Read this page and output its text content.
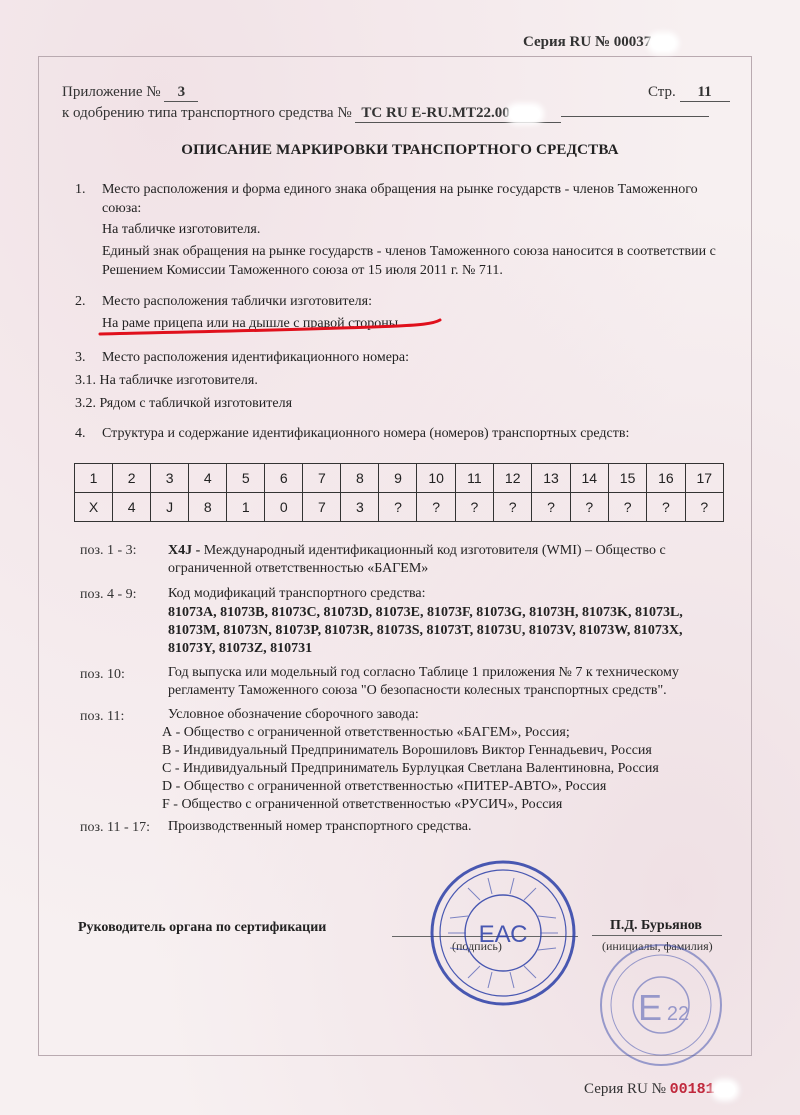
Серия RU № 00037
Приложение № 3	Стр. 11
к одобрению типа транспортного средства № ТС RU E-RU.MT22.00
ОПИСАНИЕ МАРКИРОВКИ ТРАНСПОРТНОГО СРЕДСТВА
1. Место расположения и форма единого знака обращения на рынке государств - членов Таможенного союза:
На табличке изготовителя.
Единый знак обращения на рынке государств - членов Таможенного союза наносится в соответствии с Решением Комиссии Таможенного союза от 15 июля 2011 г. № 711.
2. Место расположения таблички изготовителя:
На раме прицепа или на дышле с правой стороны
3. Место расположения идентификационного номера:
3.1. На табличке изготовителя.
3.2. Рядом с табличкой изготовителя
4. Структура и содержание идентификационного номера (номеров) транспортных средств:
1	2	3	4	5	6	7	8	9	10	11	12	13	14	15	16	17
X	4	J	8	1	0	7	3	?	?	?	?	?	?	?	?	?
поз. 1 - 3: X4J - Международный идентификационный код изготовителя (WMI) – Общество с ограниченной ответственностью «БАГЕМ»
поз. 4 - 9: Код модификаций транспортного средства:
81073А, 81073В, 81073С, 81073D, 81073E, 81073F, 81073G, 81073H, 81073K, 81073L, 81073M, 81073N, 81073P, 81073R, 81073S, 81073T, 81073U, 81073V, 81073W, 81073X, 81073Y, 81073Z, 810731
поз. 10:	Год выпуска или модельный год согласно Таблице 1 приложения № 7 к техническому регламенту Таможенного союза "О безопасности колесных транспортных средств".
поз. 11:	Условное обозначение сборочного завода:
А - Общество с ограниченной ответственностью «БАГЕМ», Россия;
В - Индивидуальный Предприниматель Ворошиловъ Виктор Геннадьевич, Россия
С - Индивидуальный Предприниматель Бурлуцкая Светлана Валентиновна, Россия
D - Общество с ограниченной ответственностью «ПИТЕР-АВТО», Россия
F - Общество с ограниченной ответственностью «РУСИЧ», Россия
поз. 11 - 17: Производственный номер транспортного средства.
Руководитель органа по сертификации
(подпись)
П.Д. Бурьянов
(инициалы, фамилия)
ЕАС
E 22
Серия RU № 00181
